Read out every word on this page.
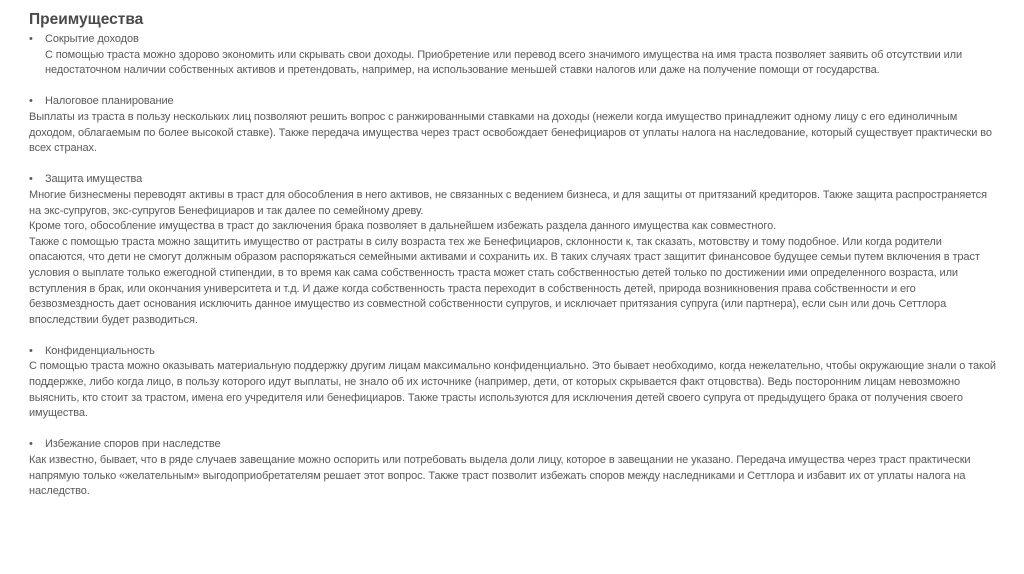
Преимущества
•	Сокрытие доходов

С помощью траста можно здорово экономить или скрывать свои доходы. Приобретение или перевод всего значимого имущества на имя траста позволяет заявить об отсутствии или недостаточном наличии собственных активов и претендовать, например, на использование меньшей ставки налогов или даже на получение помощи от государства.

•	Налоговое планирование

Выплаты из траста в пользу нескольких лиц позволяют решить вопрос с ранжированными ставками на доходы (нежели когда имущество принадлежит одному лицу с его единоличным доходом, облагаемым по более высокой ставке). Также передача имущества через траст освобождает бенефициаров от уплаты налога на наследование, который существует практически во всех странах.

•	Защита имущества

Многие бизнесмены переводят активы в траст для обособления в него активов, не связанных с ведением бизнеса, и для защиты от притязаний кредиторов. Также защита распространяется на экс-супругов, экс-супругов Бенефициаров и так далее по семейному древу.

Кроме того, обособление имущества в траст до заключения брака позволяет в дальнейшем избежать раздела данного имущества как совместного.

Также с помощью траста можно защитить имущество от растраты в силу возраста тех же Бенефициаров, склонности к, так сказать, мотовству и тому подобное. Или когда родители опасаются, что дети не смогут должным образом распоряжаться семейными активами и сохранить их. В таких случаях траст защитит финансовое будущее семьи путем включения в траст условия о выплате только ежегодной стипендии, в то время как сама собственность траста может стать собственностью детей только по достижении ими определенного возраста, или вступления в брак, или окончания университета и т.д. И даже когда собственность траста переходит в собственность детей, природа возникновения права собственности и его безвозмездность дает основания исключить данное имущество из совместной собственности супругов, и исключает притязания супруга (или партнера), если сын или дочь Сеттлора впоследствии будет разводиться.

•	Конфиденциальность

С помощью траста можно оказывать материальную поддержку другим лицам максимально конфиденциально. Это бывает необходимо, когда нежелательно, чтобы окружающие знали о такой поддержке, либо когда лицо, в пользу которого идут выплаты, не знало об их источнике (например, дети, от которых скрывается факт отцовства). Ведь посторонним лицам невозможно выяснить, кто стоит за трастом, имена его учредителя или бенефициаров. Также трасты используются для исключения детей своего супруга от предыдущего брака от получения своего имущества.

•	Избежание споров при наследстве

Как известно, бывает, что в ряде случаев завещание можно оспорить или потребовать выдела доли лицу, которое в завещании не указано. Передача имущества через траст практически напрямую только «желательным» выгодоприобретателям решает этот вопрос. Также траст позволит избежать споров между наследниками и Сеттлора и избавит их от уплаты налога на наследство.
